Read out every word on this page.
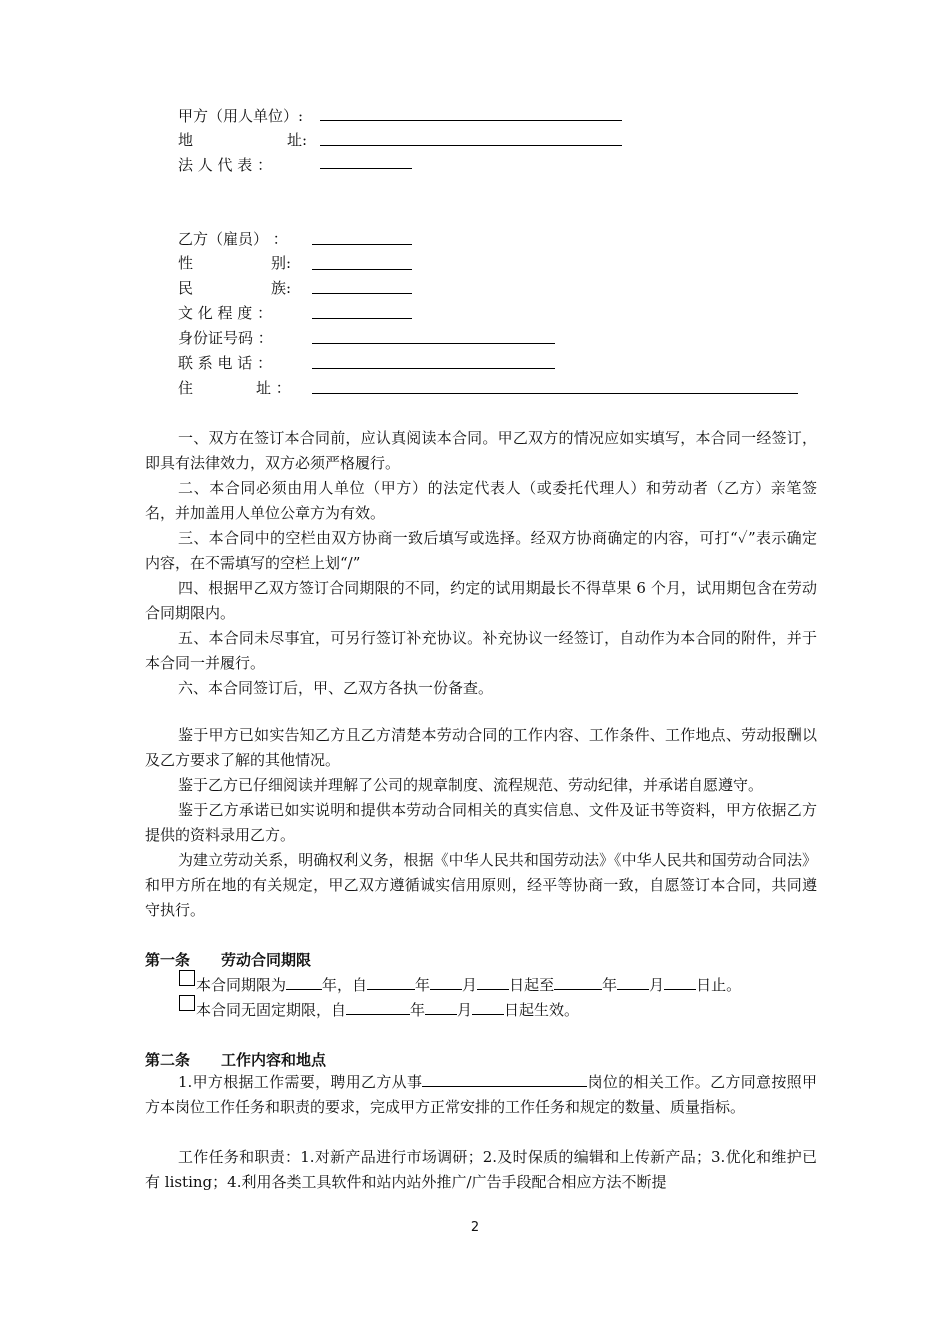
甲方（用人单位）:
地	址:
法 人 代 表 ：
乙方（雇员） ：
性	别:
民	族:
文 化 程 度 ：
身份证号码 ：
联 系 电 话 ：
住	址 ：
一、双方在签订本合同前，应认真阅读本合同。甲乙双方的情况应如实填写，本合同一经签订，即具有法律效力，双方必须严格履行。
二、本合同必须由用人单位（甲方）的法定代表人（或委托代理人）和劳动者（乙方）亲笔签名，并加盖用人单位公章方为有效。
三、本合同中的空栏由双方协商一致后填写或选择。经双方协商确定的内容，可打“✓”表示确定内容，在不需填写的空栏上划“/”
四、根据甲乙双方签订合同期限的不同，约定的试用期最长不得草果 6 个月，试用期包含在劳动合同期限内。
五、本合同未尽事宜，可另行签订补充协议。补充协议一经签订，自动作为本合同的附件，并于本合同一并履行。
六、本合同签订后，甲、乙双方各执一份备查。
鉴于甲方已如实告知乙方且乙方清楚本劳动合同的工作内容、工作条件、工作地点、劳动报酬以及乙方要求了解的其他情况。
鉴于乙方已仔细阅读并理解了公司的规章制度、流程规范、劳动纪律，并承诺自愿遵守。
鉴于乙方承诺已如实说明和提供本劳动合同相关的真实信息、文件及证书等资料，甲方依据乙方提供的资料录用乙方。
为建立劳动关系，明确权利义务，根据《中华人民共和国劳动法》《中华人民共和国劳动合同法》和甲方所在地的有关规定，甲乙双方遵循诚实信用原则，经平等协商一致，自愿签订本合同，共同遵守执行。
第一条 劳动合同期限
本合同期限为 年，自	年 月 日起至	年 月 日止。
本合同无固定期限，自	年 月 日起生效。
第二条 工作内容和地点
1.甲方根据工作需要，聘用乙方从事	岗位的相关工作。乙方同意按照甲方本岗位工作任务和职责的要求，完成甲方正常安排的工作任务和规定的数量、质量指标。
工作任务和职责：1.对新产品进行市场调研；2.及时保质的编辑和上传新产品；3.优化和维护已有 listing；4.利用各类工具软件和站内站外推广/广告手段配合相应方法不断提
2
